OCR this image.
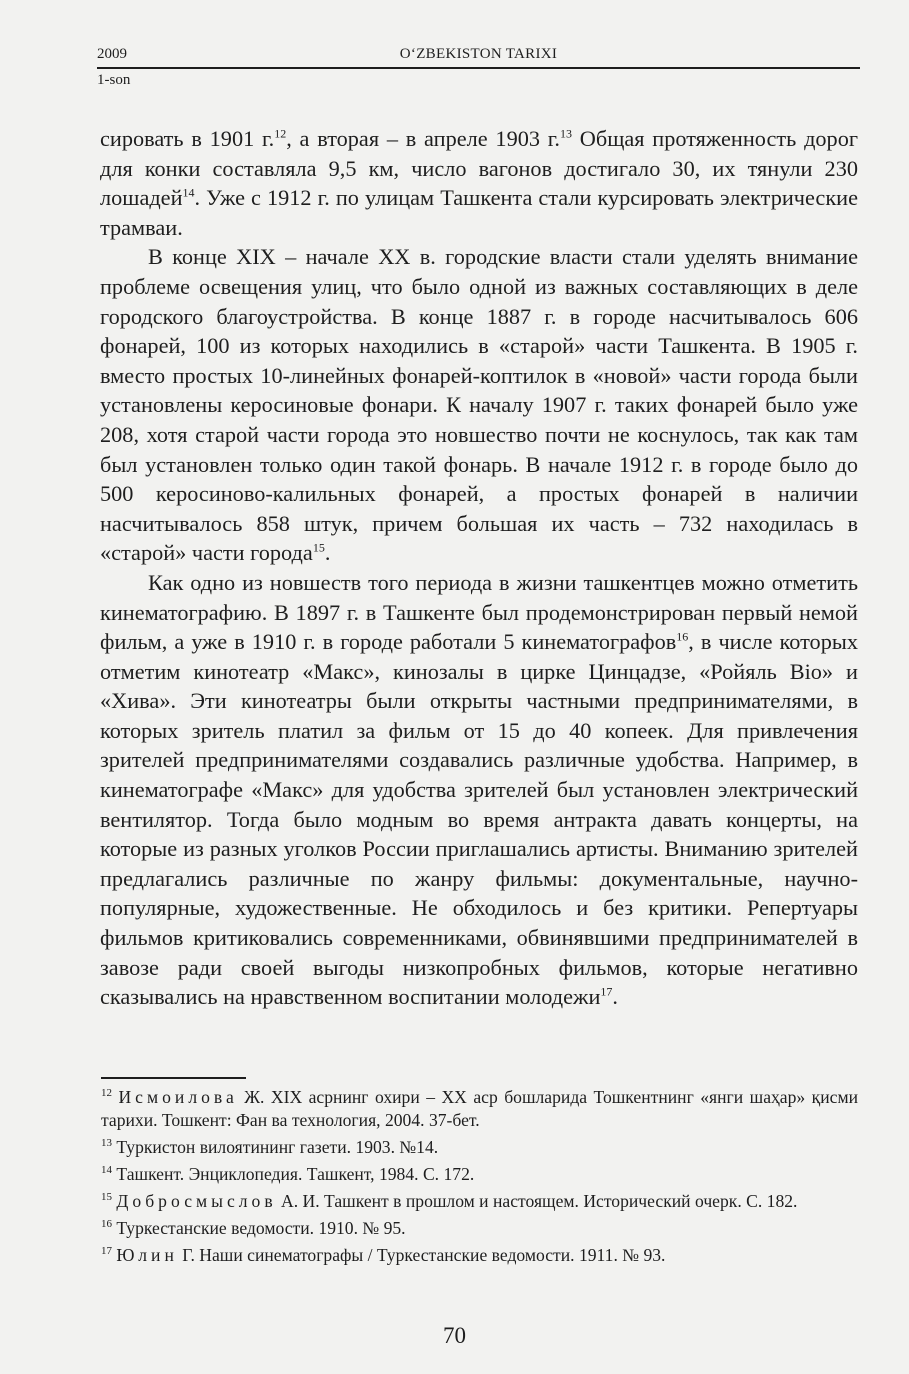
2009	O‘ZBEKISTON TARIXI
1-son

сировать в 1901 г.$^{12}$, а вторая – в апреле 1903 г.$^{13}$ Общая протяженность дорог для конки составляла 9,5 км, число вагонов достигало 30, их тянули 230 лошадей$^{14}$. Уже с 1912 г. по улицам Ташкента стали курсировать электрические трамваи.

В конце XIX – начале XX в. городские власти стали уделять внимание проблеме освещения улиц, что было одной из важных составляющих в деле городского благоустройства. В конце 1887 г. в городе насчитывалось 606 фонарей, 100 из которых находились в «старой» части Ташкента. В 1905 г. вместо простых 10-линейных фонарей-коптилок в «новой» части города были установлены керосиновые фонари. К началу 1907 г. таких фонарей было уже 208, хотя старой части города это новшество почти не коснулось, так как там был установлен только один такой фонарь. В начале 1912 г. в городе было до 500 керосиново-калильных фонарей, а простых фонарей в наличии насчитывалось 858 штук, причем большая их часть – 732 находилась в «старой» части города$^{15}$.

Как одно из новшеств того периода в жизни ташкентцев можно отметить кинематографию. В 1897 г. в Ташкенте был продемонстрирован первый немой фильм, а уже в 1910 г. в городе работали 5 кинематографов$^{16}$, в числе которых отметим кинотеатр «Макс», кинозалы в цирке Цинцадзе, «Ройяль Віо» и «Хива». Эти кинотеатры были открыты частными предпринимателями, в которых зритель платил за фильм от 15 до 40 копеек. Для привлечения зрителей предпринимателями создавались различные удобства. Например, в кинематографе «Макс» для удобства зрителей был установлен электрический вентилятор. Тогда было модным во время антракта давать концерты, на которые из разных уголков России приглашались артисты. Вниманию зрителей предлагались различные по жанру фильмы: документальные, научно-популярные, художественные. Не обходилось и без критики. Репертуары фильмов критиковались современниками, обвинявшими предпринимателей в завозе ради своей выгоды низкопробных фильмов, которые негативно сказывались на нравственном воспитании молодежи$^{17}$.

$^{12}$ Исмоилова Ж. XIX асрнинг охири – XX аср бошларида Тошкентнинг «янги шаҳар» қисми тарихи. Тошкент: Фан ва технология, 2004. 37-бет.

$^{13}$ Туркистон вилоятининг газети. 1903. №14.

$^{14}$ Ташкент. Энциклопедия. Ташкент, 1984. С. 172.

$^{15}$ Добросмыслов А. И. Ташкент в прошлом и настоящем. Исторический очерк. С. 182.

$^{16}$ Туркестанские ведомости. 1910. № 95.

$^{17}$ Юлин Г. Наши синематографы / Туркестанские ведомости. 1911. № 93.

70
